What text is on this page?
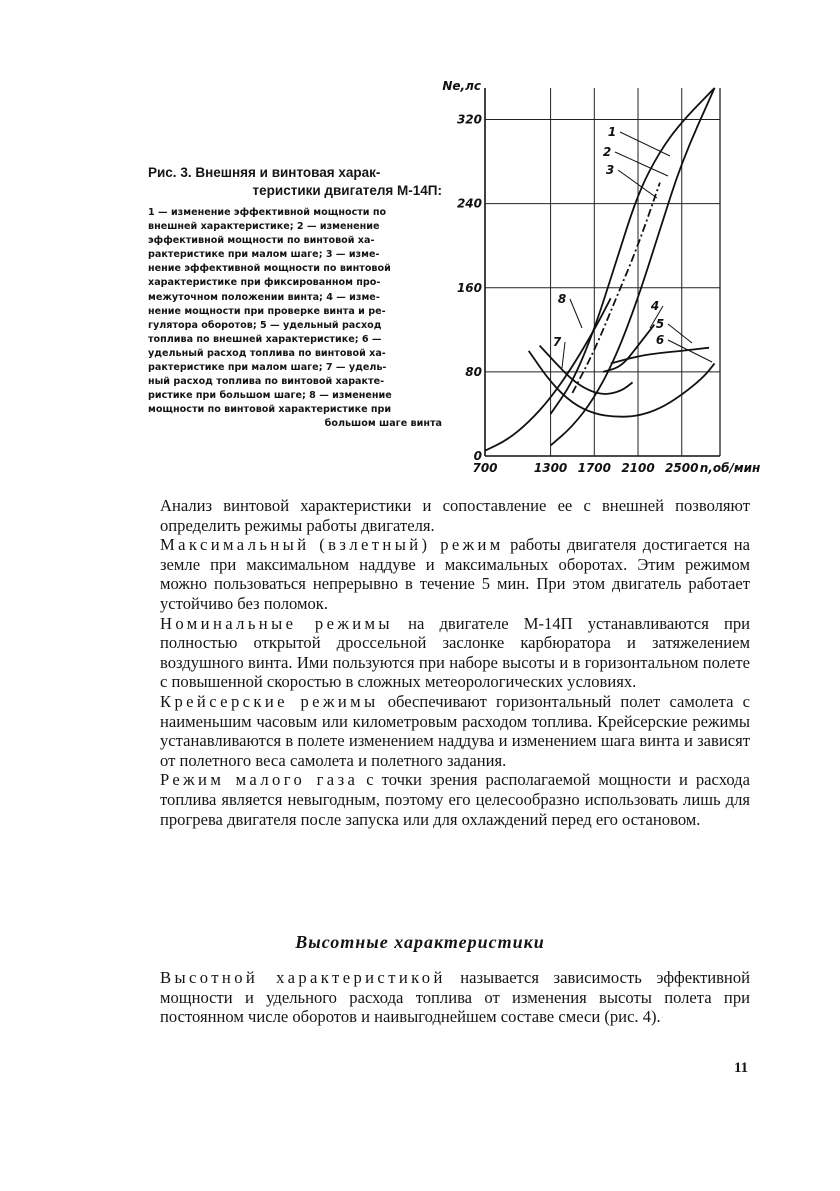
Рис. 3. Внешняя и винтовая харак-
теристики двигателя М-14П:
1 — изменение эффективной мощности по
внешней характеристике; 2 — изменение
эффективной мощности по винтовой ха-
рактеристике при малом шаге; 3 — изме-
нение эффективной мощности по винтовой
характеристике при фиксированном про-
межуточном положении винта; 4 — изме-
нение мощности при проверке винта и ре-
гулятора оборотов; 5 — удельный расход
топлива по внешней характеристике; 6 —
удельный расход топлива по винтовой ха-
рактеристике при малом шаге; 7 — удель-
ный расход топлива по винтовой характе-
ристике при большом шаге; 8 — изменение
мощности по винтовой характеристике при
большом шаге винта
0
80
160
240
320
700	1300 1700 2100 2500
Ne,лс
n,об/мин
1
2
3
4
5
6
7
8

Анализ винтовой характеристики и сопоставление ее с внешней позволяют определить режимы работы двигателя.

Максимальный (взлетный) режим работы двигателя достигается на земле при максимальном наддуве и максимальных оборотах. Этим режимом можно пользоваться непрерывно в течение 5 мин. При этом двигатель работает устойчиво без поломок.

Номинальные режимы на двигателе М-14П устанавливаются при полностью открытой дроссельной заслонке карбюратора и затяжелением воздушного винта. Ими пользуются при наборе высоты и в горизонтальном полете с повышенной скоростью в сложных метеорологических условиях.

Крейсерские режимы обеспечивают горизонтальный полет самолета с наименьшим часовым или километровым расходом топлива. Крейсерские режимы устанавливаются в полете изменением наддува и изменением шага винта и зависят от полетного веса самолета и полетного задания.

Режим малого газа с точки зрения располагаемой мощности и расхода топлива является невыгодным, поэтому его целесообразно использовать лишь для прогрева двигателя после запуска или для охлаждений перед его остановом.

Высотные характеристики

Высотной характеристикой называется зависимость эффективной мощности и удельного расхода топлива от изменения высоты полета при постоянном числе оборотов и наивыгоднейшем составе смеси (рис. 4).

11
